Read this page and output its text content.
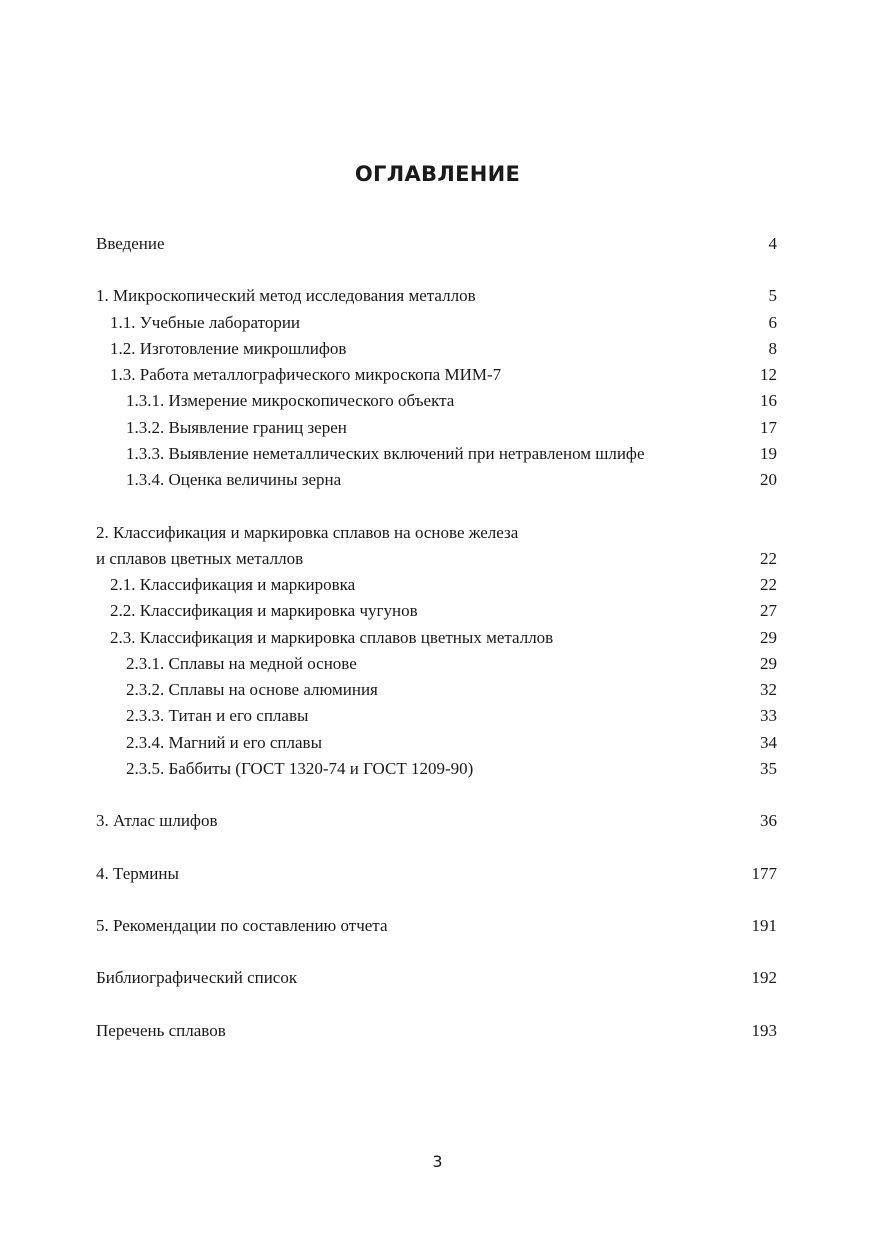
ОГЛАВЛЕНИЕ
Введение	4
1. Микроскопический метод исследования металлов	5
1.1. Учебные лаборатории	6
1.2. Изготовление микрошлифов	8
1.3. Работа металлографического микроскопа МИМ-7	12
1.3.1. Измерение микроскопического объекта	16
1.3.2. Выявление границ зерен	17
1.3.3. Выявление неметаллических включений при нетравленом шлифе	19
1.3.4. Оценка величины зерна	20
2. Классификация и маркировка сплавов на основе железа
и сплавов цветных металлов	22
2.1. Классификация и маркировка	22
2.2. Классификация и маркировка чугунов	27
2.3. Классификация и маркировка сплавов цветных металлов	29
2.3.1. Сплавы на медной основе	29
2.3.2. Сплавы на основе алюминия	32
2.3.3. Титан и его сплавы	33
2.3.4. Магний и его сплавы	34
2.3.5. Баббиты (ГОСТ 1320-74 и ГОСТ 1209-90)	35
3. Атлас шлифов	36
4. Термины	177
5. Рекомендации по составлению отчета	191
Библиографический список	192
Перечень сплавов	193
3
